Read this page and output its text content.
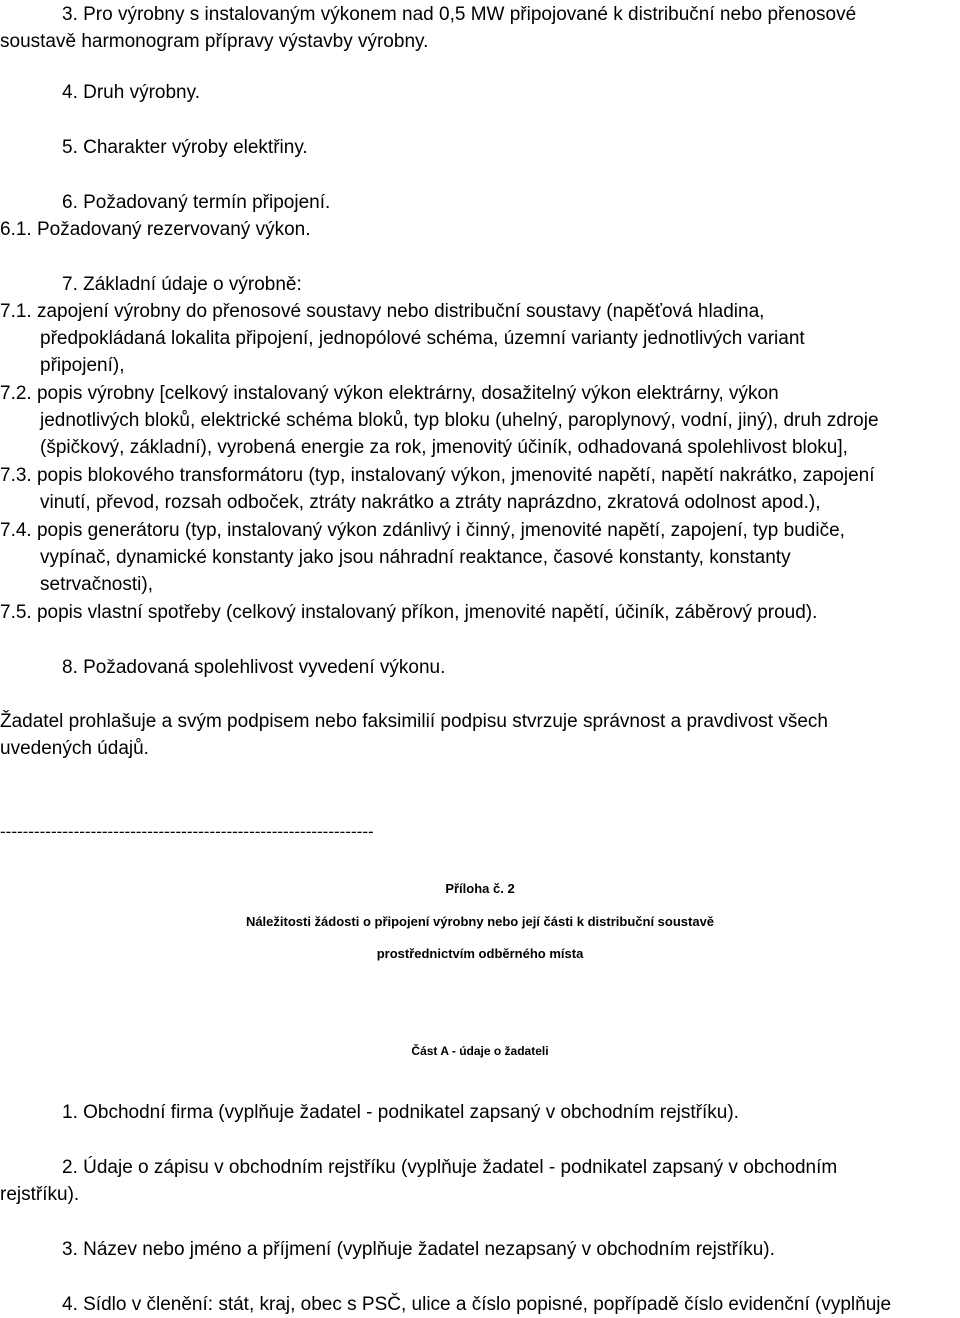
3. Pro výrobny s instalovaným výkonem nad 0,5 MW připojované k distribuční nebo přenosové
soustavě harmonogram přípravy výstavby výrobny.
4. Druh výrobny.
5. Charakter výroby elektřiny.
6. Požadovaný termín připojení.
6.1. Požadovaný rezervovaný výkon.
7. Základní údaje o výrobně:
7.1. zapojení výrobny do přenosové soustavy nebo distribuční soustavy (napěťová hladina,
předpokládaná lokalita připojení, jednopólové schéma, územní varianty jednotlivých variant
připojení),
7.2. popis výrobny [celkový instalovaný výkon elektrárny, dosažitelný výkon elektrárny, výkon
jednotlivých bloků, elektrické schéma bloků, typ bloku (uhelný, paroplynový, vodní, jiný), druh zdroje
(špičkový, základní), vyrobená energie za rok, jmenovitý účiník, odhadovaná spolehlivost bloku],
7.3. popis blokového transformátoru (typ, instalovaný výkon, jmenovité napětí, napětí nakrátko, zapojení
vinutí, převod, rozsah odboček, ztráty nakrátko a ztráty naprázdno, zkratová odolnost apod.),
7.4. popis generátoru (typ, instalovaný výkon zdánlivý i činný, jmenovité napětí, zapojení, typ budiče,
vypínač, dynamické konstanty jako jsou náhradní reaktance, časové konstanty, konstanty
setrvačnosti),
7.5. popis vlastní spotřeby (celkový instalovaný příkon, jmenovité napětí, účiník, záběrový proud).
8. Požadovaná spolehlivost vyvedení výkonu.
Žadatel prohlašuje a svým podpisem nebo faksimilií podpisu stvrzuje správnost a pravdivost všech
uvedených údajů.
------------------------------------------------------------------
Příloha č. 2
Náležitosti žádosti o připojení výrobny nebo její části k distribuční soustavě
prostřednictvím odběrného místa
Část A - údaje o žadateli
1. Obchodní firma (vyplňuje žadatel - podnikatel zapsaný v obchodním rejstříku).
2. Údaje o zápisu v obchodním rejstříku (vyplňuje žadatel - podnikatel zapsaný v obchodním
rejstříku).
3. Název nebo jméno a příjmení (vyplňuje žadatel nezapsaný v obchodním rejstříku).
4. Sídlo v členění: stát, kraj, obec s PSČ, ulice a číslo popisné, popřípadě číslo evidenční (vyplňuje
